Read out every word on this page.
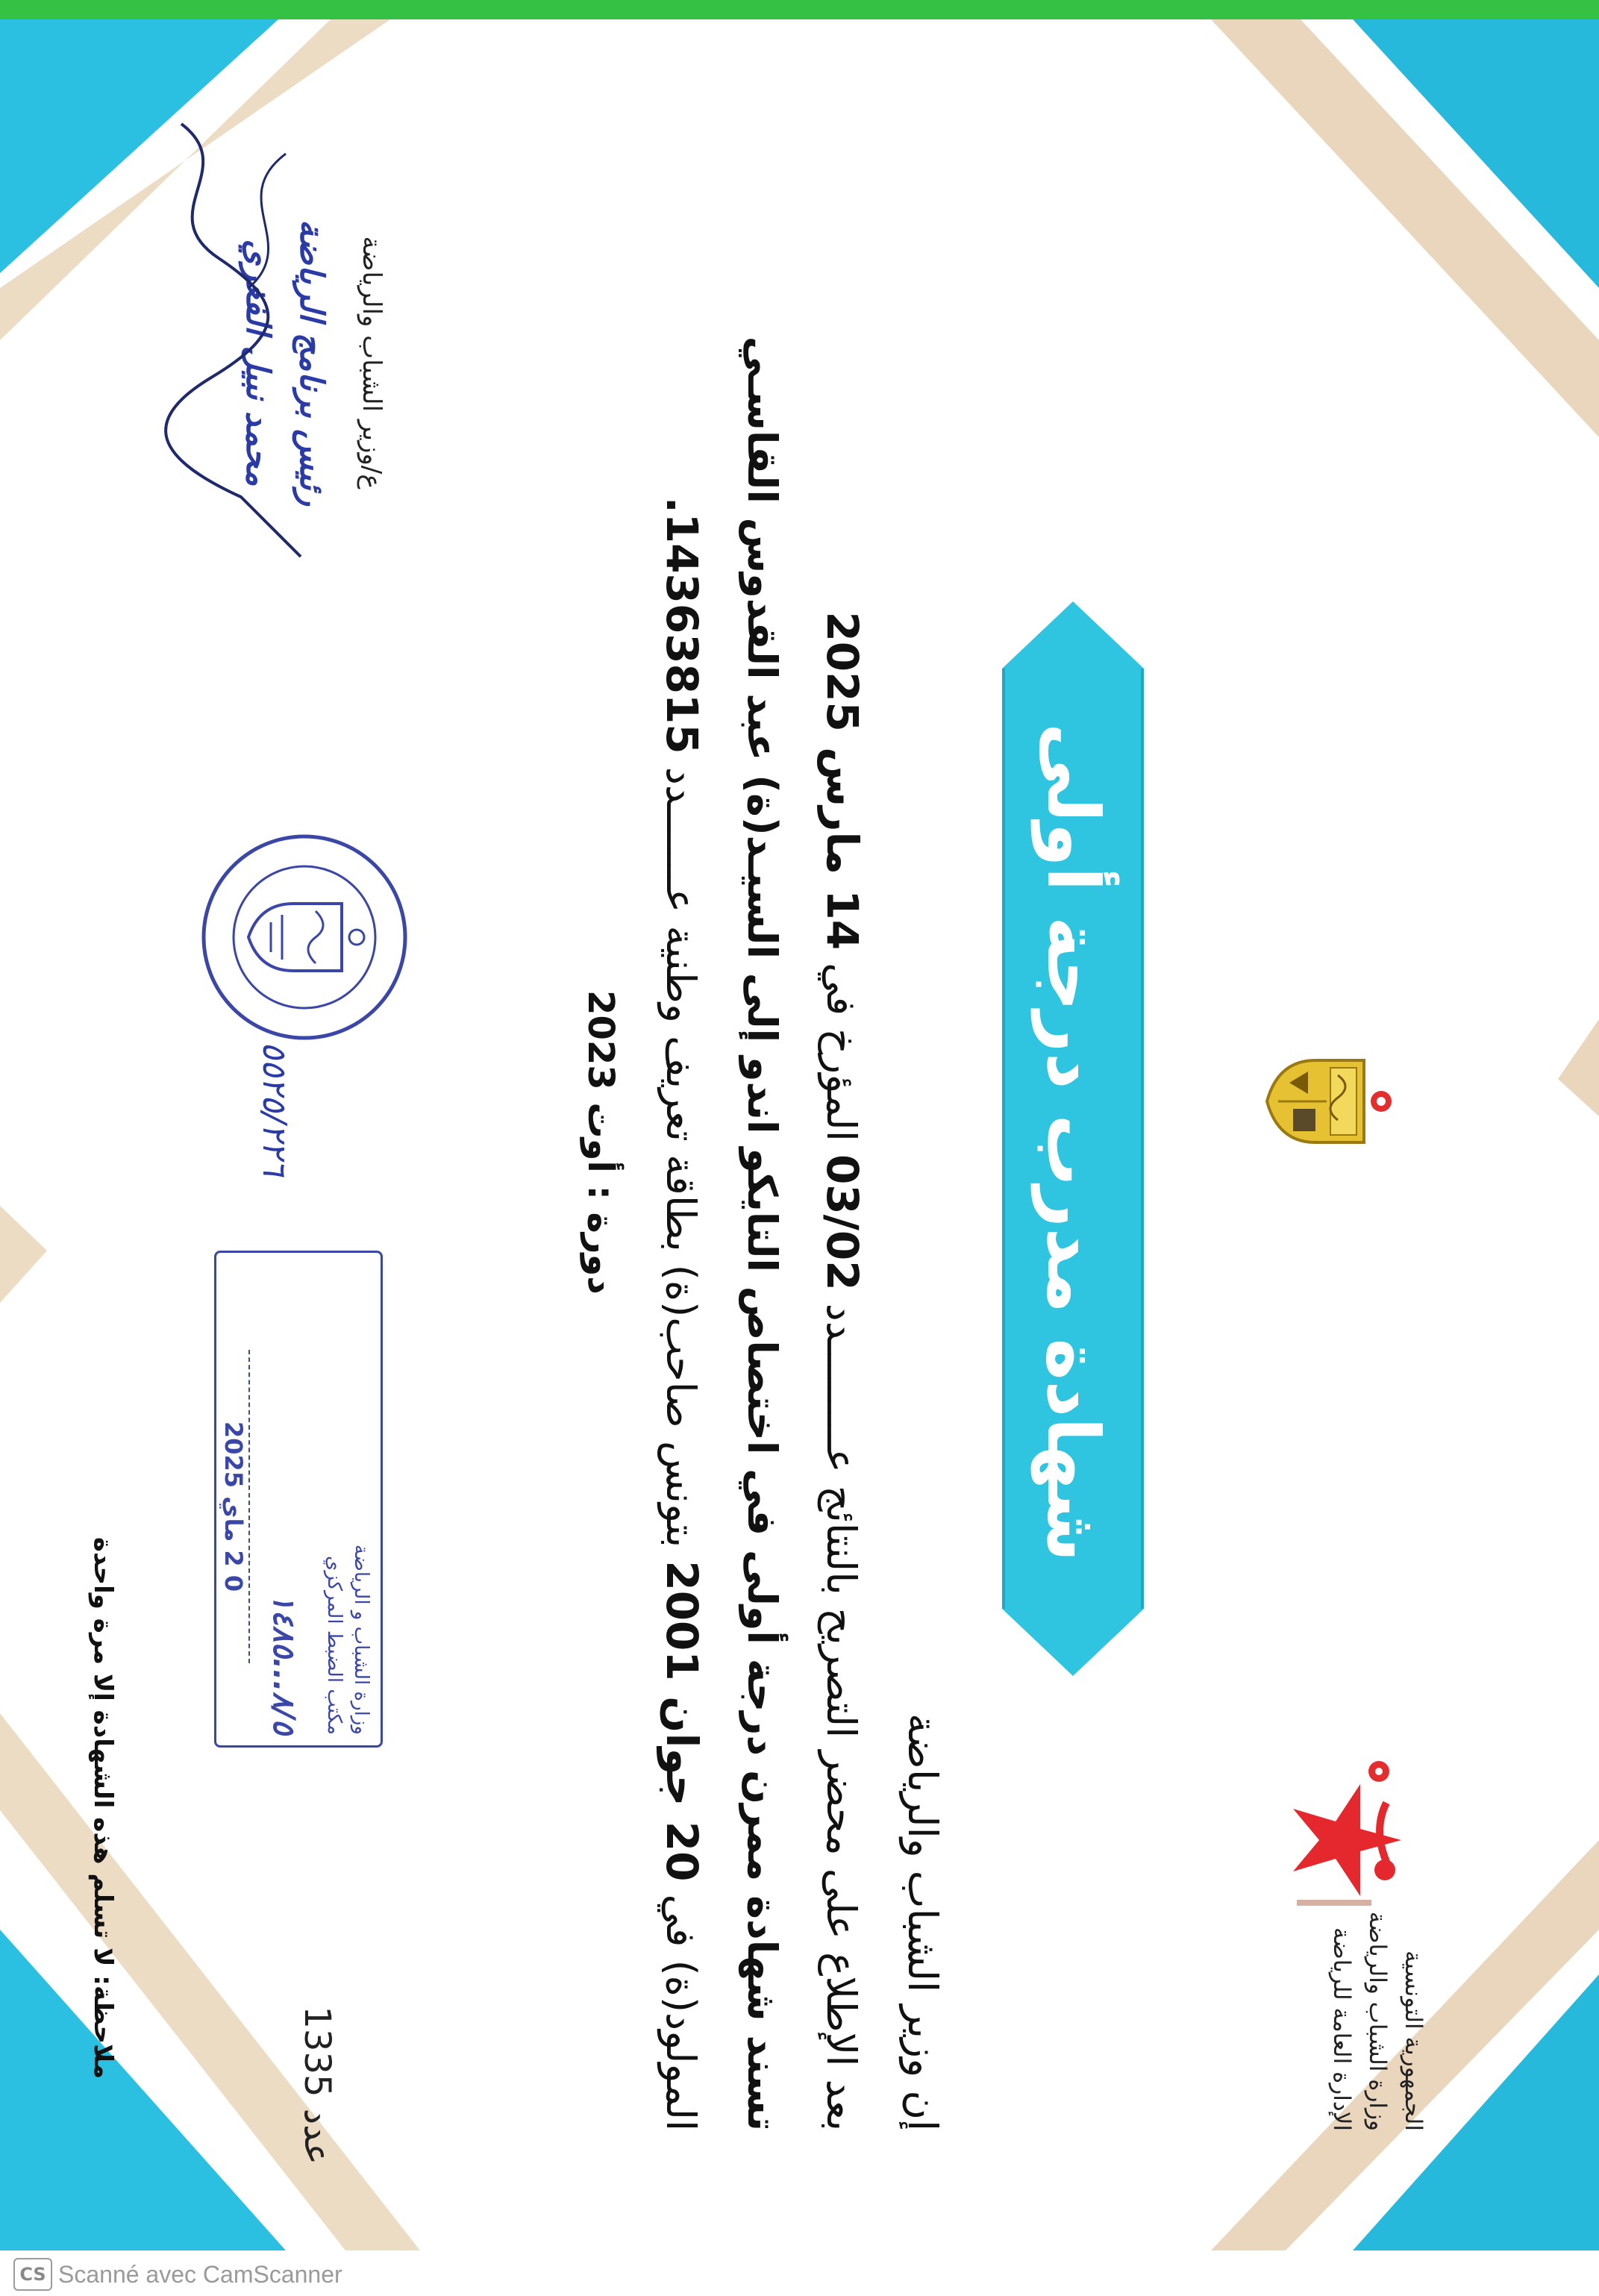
الجمهورية التونسية
وزارة الشباب والرياضة
الإدارة العامة للرياضة
شهادة مدرب درجة أولى
إن وزير الشباب والرياضة
بعد الإطلاع على محضر التصريح بالنتائج عـــــــــدد 03/02 المؤرخ في 14 مارس 2025
تسند شهادة ممرن درجة أولى في اختصاص التايكو اندو إلى السيـد(ة) عبد القدوس القاسـي
المولود(ة) في 20 جوان 2001 بتونس صاحب(ة) بطاقة تعريف وطنية عـــــــدد 14363815.
دورة : أوت 2023
عدد 1335
وزارة الشباب و الرياضة
مكتب الضبط المركزي
٨/٥...١٤٨٥
0 2 ماي 2025
٥٥٢٥/٢٢٦
ع/وزير الشباب والرياضة
رئيس برنامج الرياضة
محمد نبيل الفغري
ملاحظة: لا تسلم هذه الشهادة إلا مرة واحدة
CS Scanné avec CamScanner
